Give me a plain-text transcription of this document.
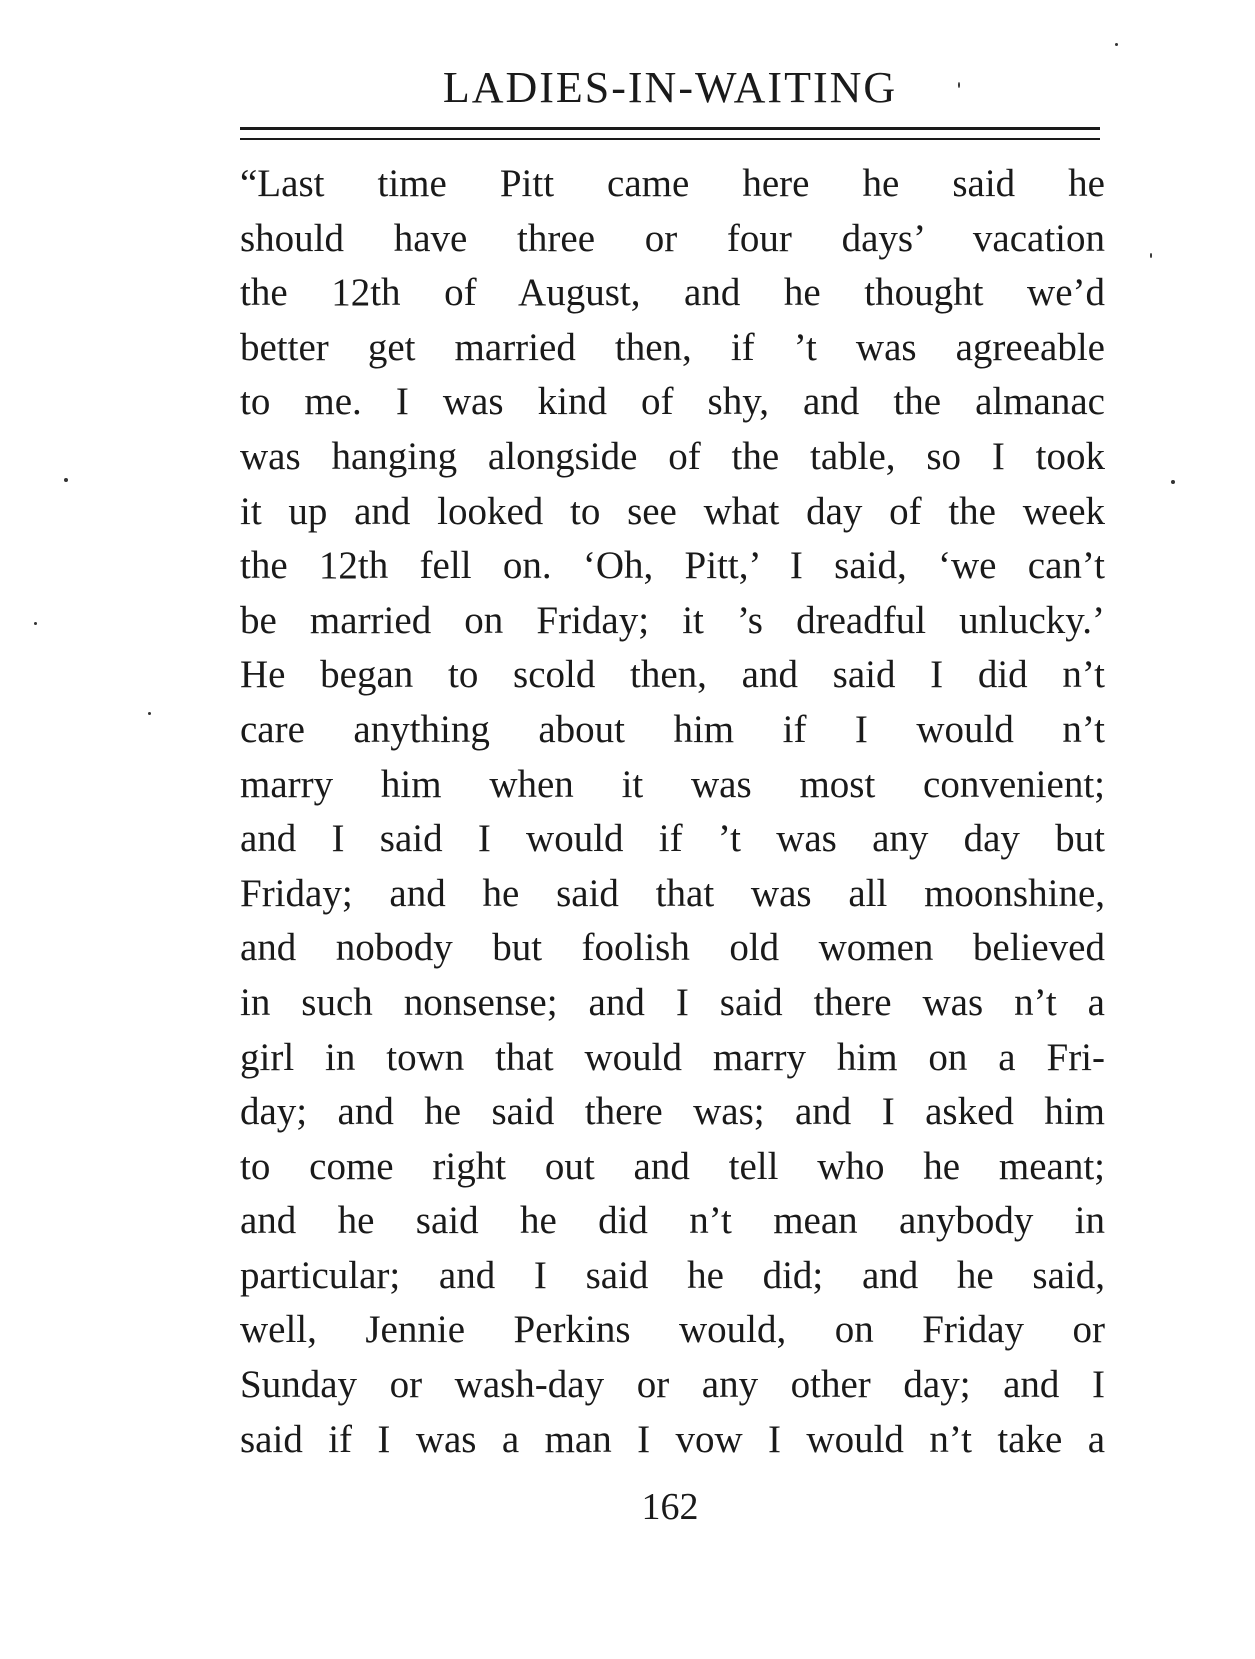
LADIES-IN-WAITING
“Last time Pitt came here he said he
should have three or four days’ vacation
the 12th of August, and he thought we’d
better get married then, if ’t was agreeable
to me. I was kind of shy, and the almanac
was hanging alongside of the table, so I took
it up and looked to see what day of the week
the 12th fell on. ‘Oh, Pitt,’ I said, ‘we can’t
be married on Friday; it ’s dreadful unlucky.’
He began to scold then, and said I did n’t
care anything about him if I would n’t
marry him when it was most convenient;
and I said I would if ’t was any day but
Friday; and he said that was all moonshine,
and nobody but foolish old women believed
in such nonsense; and I said there was n’t a
girl in town that would marry him on a Fri-
day; and he said there was; and I asked him
to come right out and tell who he meant;
and he said he did n’t mean anybody in
particular; and I said he did; and he said,
well, Jennie Perkins would, on Friday or
Sunday or wash-day or any other day; and I
said if I was a man I vow I would n’t take a
162
